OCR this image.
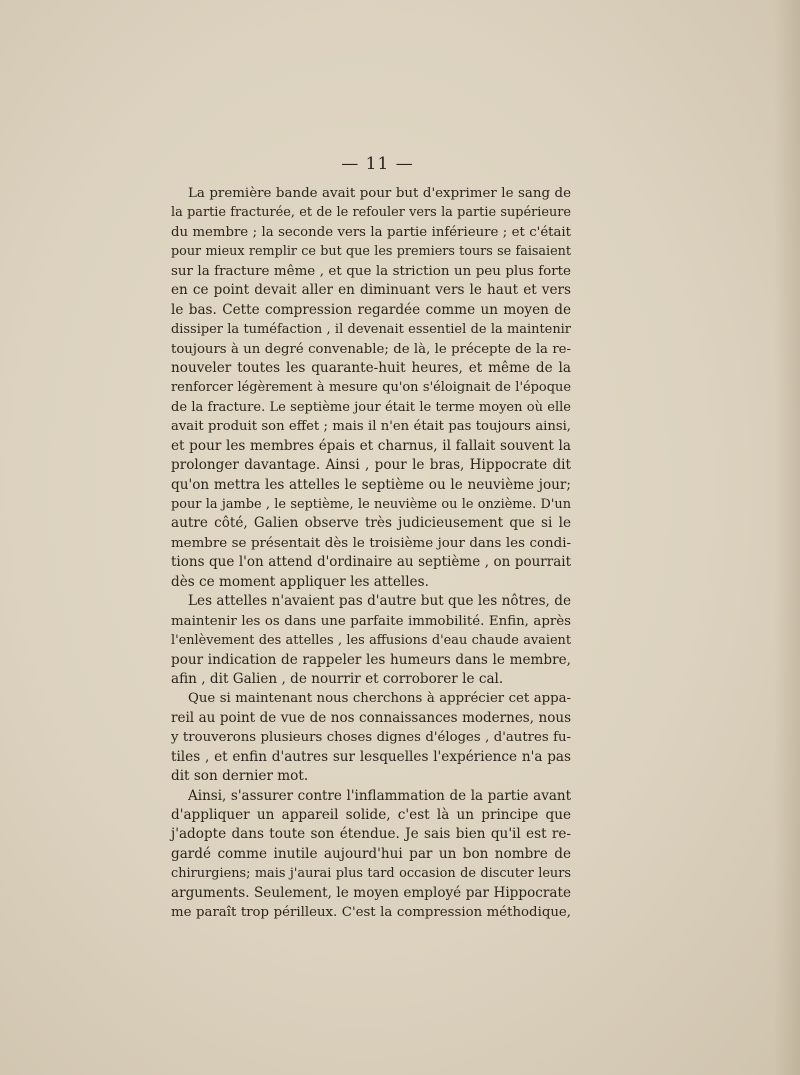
— 11 —
La première bande avait pour but d'exprimer le sang de
la partie fracturée, et de le refouler vers la partie supérieure
du membre ; la seconde vers la partie inférieure ; et c'était
pour mieux remplir ce but que les premiers tours se faisaient
sur la fracture même , et que la striction un peu plus forte
en ce point devait aller en diminuant vers le haut et vers
le bas. Cette compression regardée comme un moyen de
dissiper la tuméfaction , il devenait essentiel de la maintenir
toujours à un degré convenable; de là, le précepte de la re-
nouveler toutes les quarante-huit heures, et même de la
renforcer légèrement à mesure qu'on s'éloignait de l'époque
de la fracture. Le septième jour était le terme moyen où elle
avait produit son effet ; mais il n'en était pas toujours ainsi,
et pour les membres épais et charnus, il fallait souvent la
prolonger davantage. Ainsi , pour le bras, Hippocrate dit
qu'on mettra les attelles le septième ou le neuvième jour;
pour la jambe , le septième, le neuvième ou le onzième. D'un
autre côté, Galien observe très judicieusement que si le
membre se présentait dès le troisième jour dans les condi-
tions que l'on attend d'ordinaire au septième , on pourrait
dès ce moment appliquer les attelles.
Les attelles n'avaient pas d'autre but que les nôtres, de
maintenir les os dans une parfaite immobilité. Enfin, après
l'enlèvement des attelles , les affusions d'eau chaude avaient
pour indication de rappeler les humeurs dans le membre,
afin , dit Galien , de nourrir et corroborer le cal.
Que si maintenant nous cherchons à apprécier cet appa-
reil au point de vue de nos connaissances modernes, nous
y trouverons plusieurs choses dignes d'éloges , d'autres fu-
tiles , et enfin d'autres sur lesquelles l'expérience n'a pas
dit son dernier mot.
Ainsi, s'assurer contre l'inflammation de la partie avant
d'appliquer un appareil solide, c'est là un principe que
j'adopte dans toute son étendue. Je sais bien qu'il est re-
gardé comme inutile aujourd'hui par un bon nombre de
chirurgiens; mais j'aurai plus tard occasion de discuter leurs
arguments. Seulement, le moyen employé par Hippocrate
me paraît trop périlleux. C'est la compression méthodique,
